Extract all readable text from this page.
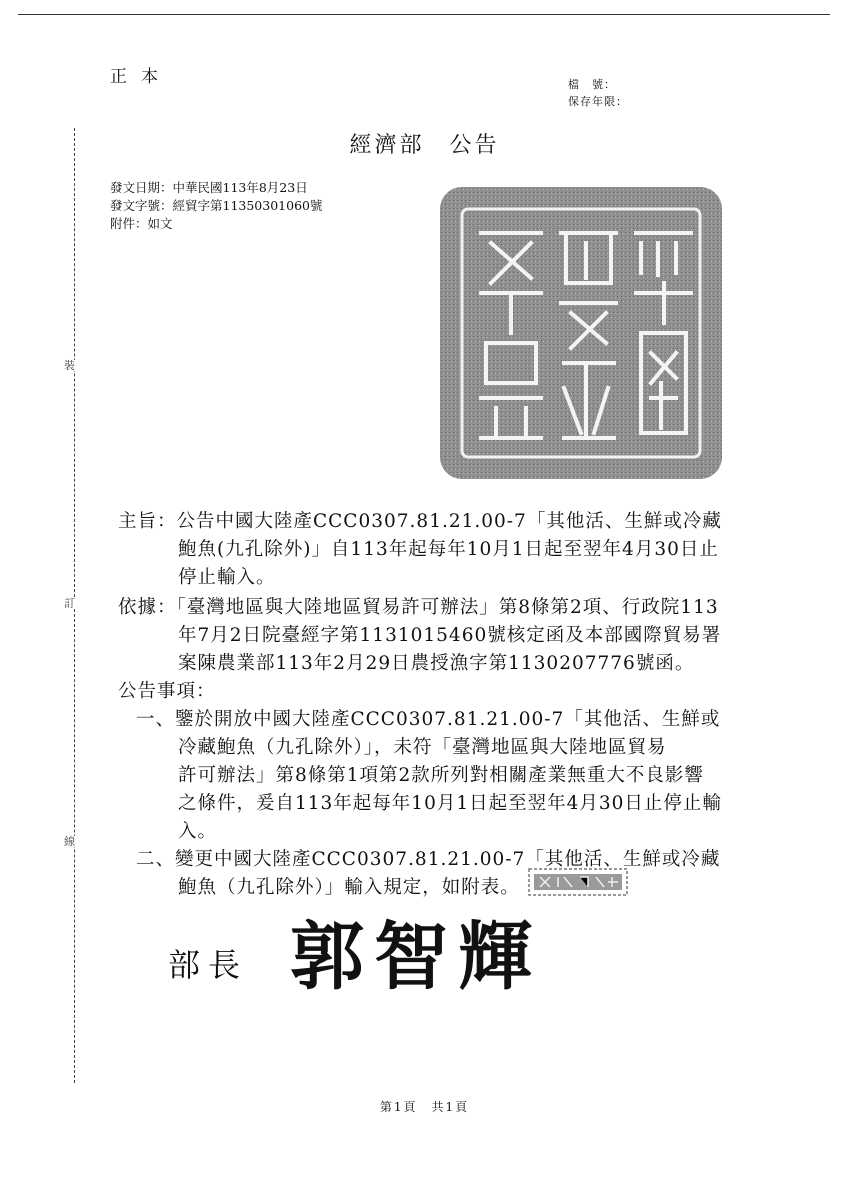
裝
訂
線
正本	檔　號：
保存年限：
經濟部　公告
發文日期：中華民國113年8月23日
發文字號：經貿字第11350301060號
附件：如文
主旨：公告中國大陸產CCC0307.81.21.00-7「其他活、生鮮或冷藏
鮑魚(九孔除外)」自113年起每年10月1日起至翌年4月30日止
停止輸入。
依據：「臺灣地區與大陸地區貿易許可辦法」第8條第2項、行政院113
年7月2日院臺經字第1131015460號核定函及本部國際貿易署
案陳農業部113年2月29日農授漁字第1130207776號函。
公告事項：
一、鑒於開放中國大陸產CCC0307.81.21.00-7「其他活、生鮮或
冷藏鮑魚（九孔除外）」，未符「臺灣地區與大陸地區貿易
許可辦法」第8條第1項第2款所列對相關產業無重大不良影響
之條件，爰自113年起每年10月1日起至翌年4月30日止停止輸
入。
二、變更中國大陸產CCC0307.81.21.00-7「其他活、生鮮或冷藏
鮑魚（九孔除外）」輸入規定，如附表。
部長 郭智輝
第1頁　共1頁
